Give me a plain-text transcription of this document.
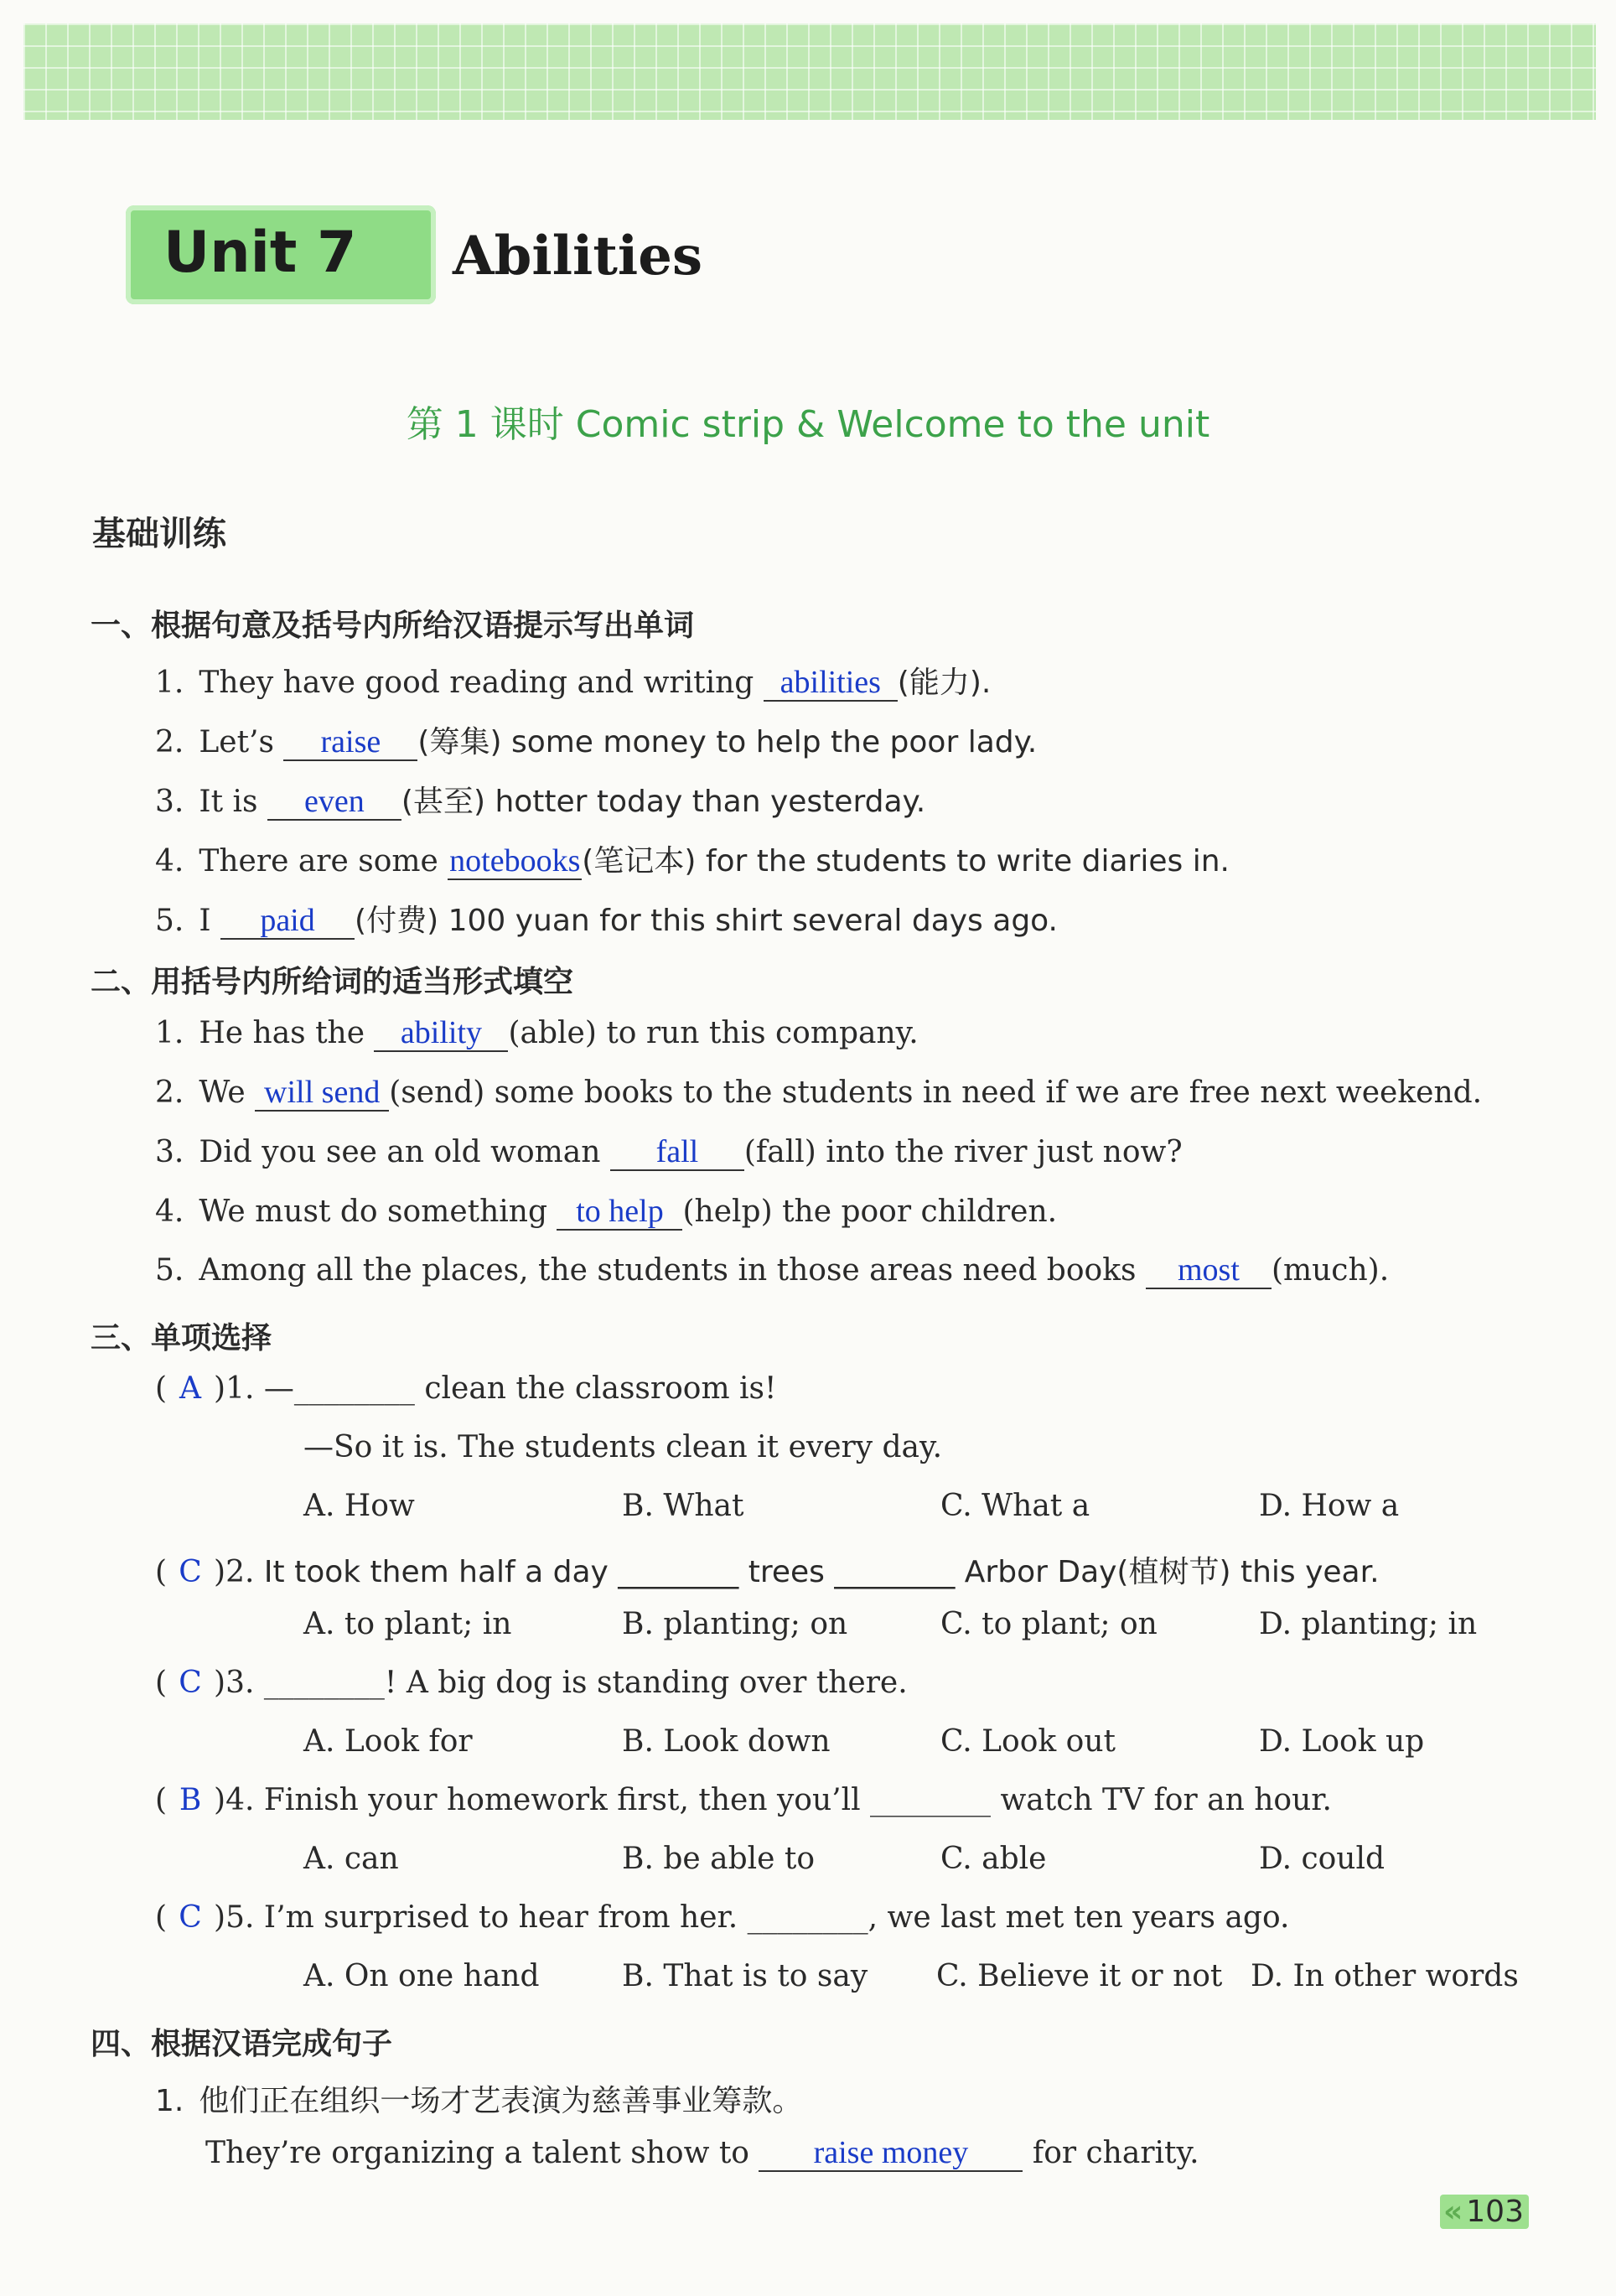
Unit 7 Abilities
第 1 课时 Comic strip & Welcome to the unit
基础训练
一、根据句意及括号内所给汉语提示写出单词
1. They have good reading and writing abilities (能力).
2. Let’s raise (筹集) some money to help the poor lady.
3. It is even (甚至) hotter today than yesterday.
4. There are some notebooks(笔记本) for the students to write diaries in.
5. I paid (付费) 100 yuan for this shirt several days ago.
二、用括号内所给词的适当形式填空
1. He has the ability (able) to run this company.
2. We will send (send) some books to the students in need if we are free next weekend.
3. Did you see an old woman fall (fall) into the river just now?
4. We must do something to help (help) the poor children.
5. Among all the places, the students in those areas need books most (much).
三、单项选择
( A )1. —________ clean the classroom is!
—So it is. The students clean it every day.
A. How	B. What	C. What a	D. How a
( C )2. It took them half a day ________ trees ________ Arbor Day(植树节) this year.
A. to plant; in	B. planting; on	C. to plant; on	D. planting; in
( C )3. ________! A big dog is standing over there.
A. Look for	B. Look down	C. Look out	D. Look up
( B )4. Finish your homework first, then you’ll ________ watch TV for an hour.
A. can	B. be able to	C. able	D. could
( C )5. I’m surprised to hear from her. ________, we last met ten years ago.
A. On one hand	B. That is to say C. Believe it or not D. In other words
四、根据汉语完成句子
1. 他们正在组织一场才艺表演为慈善事业筹款。
They’re organizing a talent show to raise money for charity.
« 103
